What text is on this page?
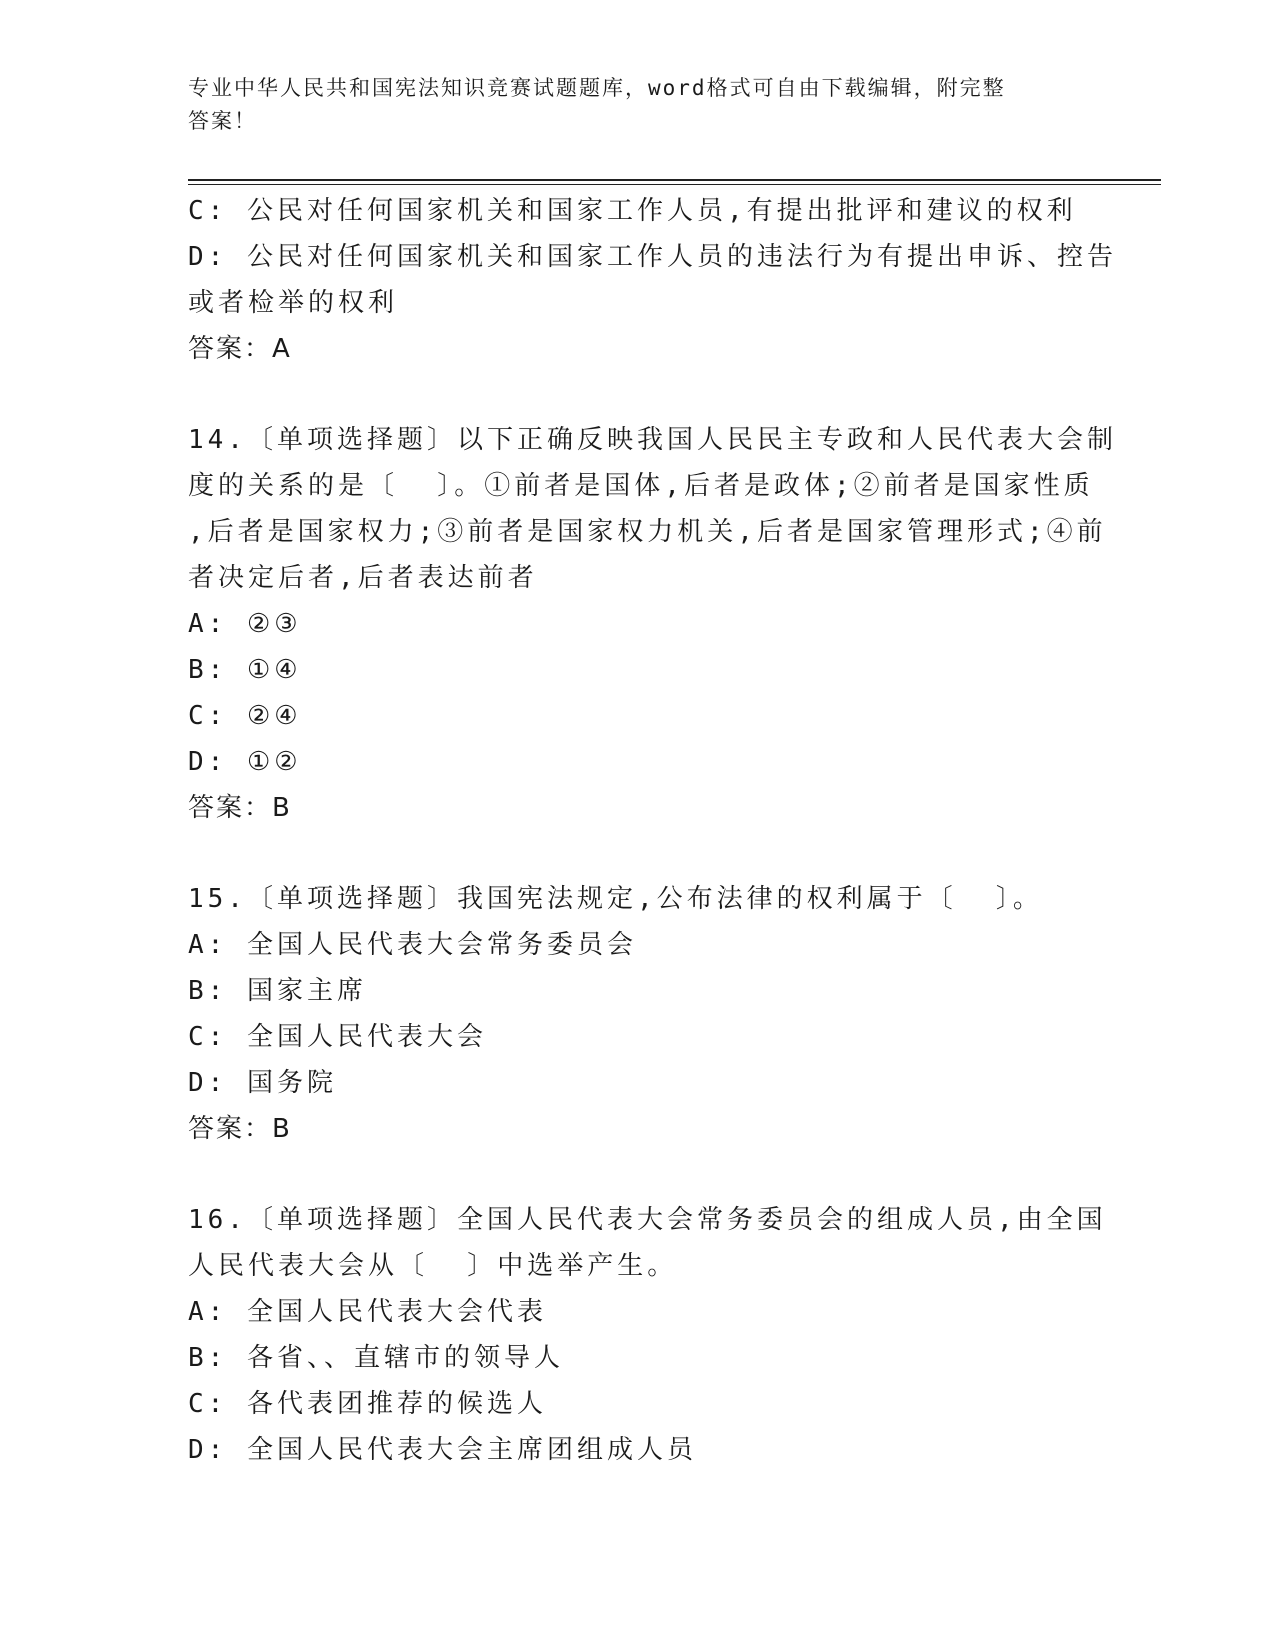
专业中华人民共和国宪法知识竞赛试题题库，word格式可自由下载编辑，附完整
答案！

C: 公民对任何国家机关和国家工作人员,有提出批评和建议的权利

D: 公民对任何国家机关和国家工作人员的违法行为有提出申诉、控告

或者检举的权利

答案：A

14.〔单项选择题〕以下正确反映我国人民民主专政和人民代表大会制

度的关系的是〔  〕。①前者是国体,后者是政体;②前者是国家性质

,后者是国家权力;③前者是国家权力机关,后者是国家管理形式;④前

者决定后者,后者表达前者

A: ②③

B: ①④

C: ②④

D: ①②

答案：B

15.〔单项选择题〕我国宪法规定,公布法律的权利属于〔  〕。

A: 全国人民代表大会常务委员会

B: 国家主席

C: 全国人民代表大会

D: 国务院

答案：B

16.〔单项选择题〕全国人民代表大会常务委员会的组成人员,由全国

人民代表大会从〔  〕中选举产生。

A: 全国人民代表大会代表

B: 各省、、直辖市的领导人

C: 各代表团推荐的候选人

D: 全国人民代表大会主席团组成人员
